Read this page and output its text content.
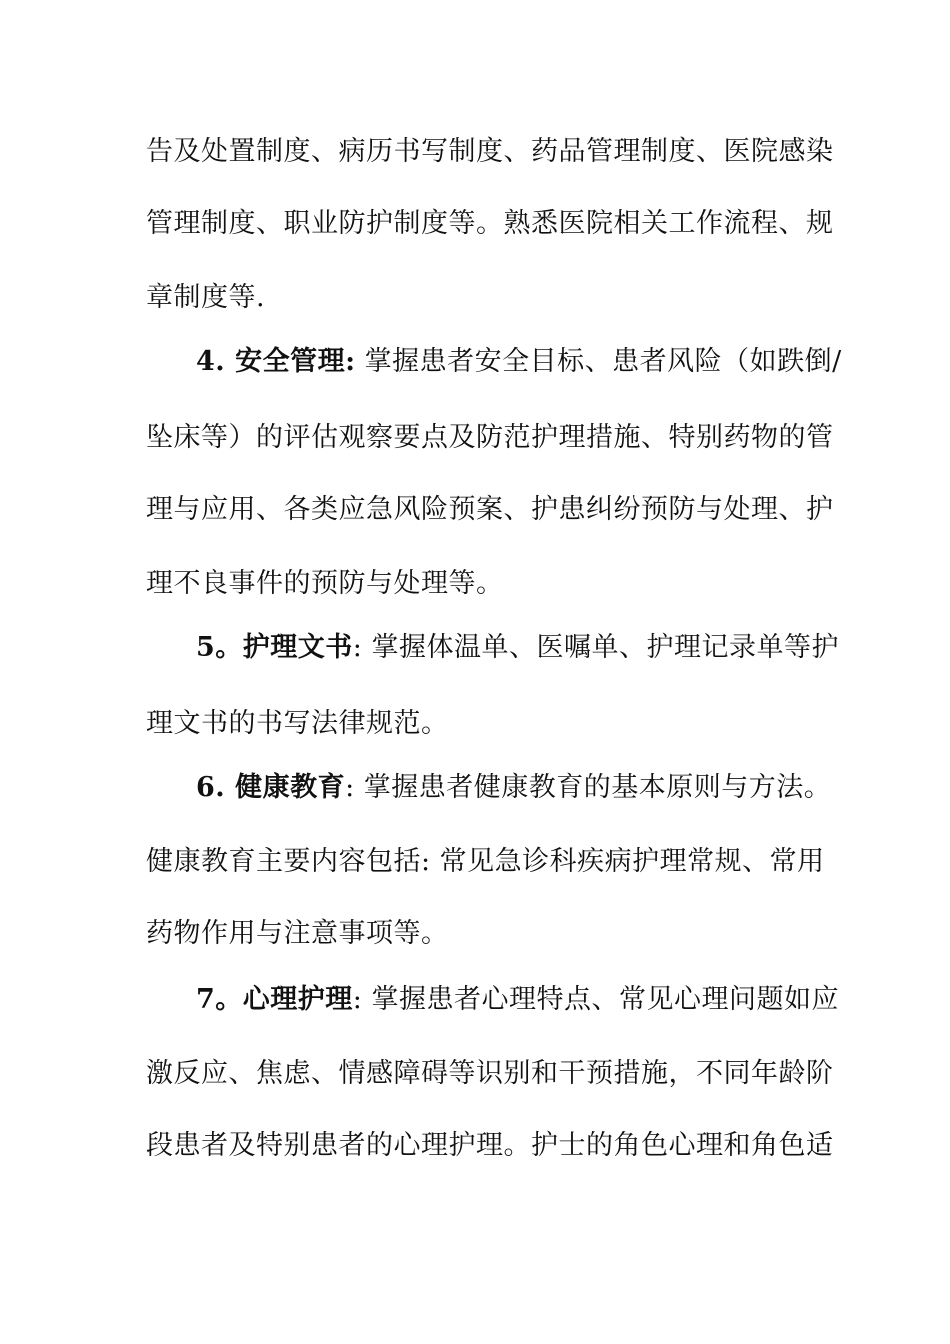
告及处置制度、病历书写制度、药品管理制度、医院感染
管理制度、职业防护制度等。熟悉医院相关工作流程、规
章制度等.
4. 安全管理: 掌握患者安全目标、患者风险（如跌倒/
坠床等）的评估观察要点及防范护理措施、特别药物的管
理与应用、各类应急风险预案、护患纠纷预防与处理、护
理不良事件的预防与处理等。
5。护理文书: 掌握体温单、医嘱单、护理记录单等护
理文书的书写法律规范。
6. 健康教育: 掌握患者健康教育的基本原则与方法。
健康教育主要内容包括: 常见急诊科疾病护理常规、常用
药物作用与注意事项等。
7。心理护理: 掌握患者心理特点、常见心理问题如应
激反应、焦虑、情感障碍等识别和干预措施，不同年龄阶
段患者及特别患者的心理护理。护士的角色心理和角色适
